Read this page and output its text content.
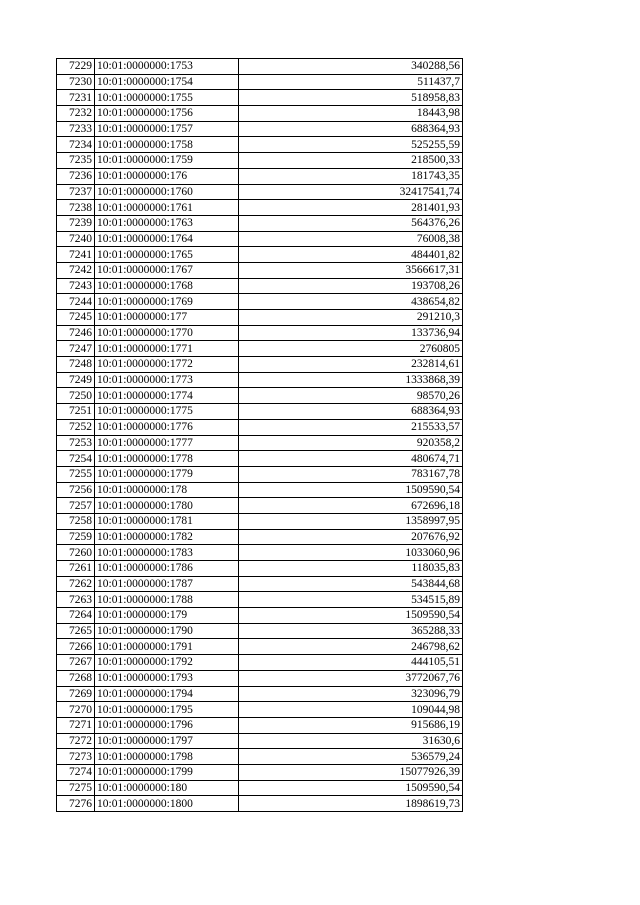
7229	10:01:0000000:1753	340288,56
7230	10:01:0000000:1754	511437,7
7231	10:01:0000000:1755	518958,83
7232	10:01:0000000:1756	18443,98
7233	10:01:0000000:1757	688364,93
7234	10:01:0000000:1758	525255,59
7235	10:01:0000000:1759	218500,33
7236	10:01:0000000:176	181743,35
7237	10:01:0000000:1760	32417541,74
7238	10:01:0000000:1761	281401,93
7239	10:01:0000000:1763	564376,26
7240	10:01:0000000:1764	76008,38
7241	10:01:0000000:1765	484401,82
7242	10:01:0000000:1767	3566617,31
7243	10:01:0000000:1768	193708,26
7244	10:01:0000000:1769	438654,82
7245	10:01:0000000:177	291210,3
7246	10:01:0000000:1770	133736,94
7247	10:01:0000000:1771	2760805
7248	10:01:0000000:1772	232814,61
7249	10:01:0000000:1773	1333868,39
7250	10:01:0000000:1774	98570,26
7251	10:01:0000000:1775	688364,93
7252	10:01:0000000:1776	215533,57
7253	10:01:0000000:1777	920358,2
7254	10:01:0000000:1778	480674,71
7255	10:01:0000000:1779	783167,78
7256	10:01:0000000:178	1509590,54
7257	10:01:0000000:1780	672696,18
7258	10:01:0000000:1781	1358997,95
7259	10:01:0000000:1782	207676,92
7260	10:01:0000000:1783	1033060,96
7261	10:01:0000000:1786	118035,83
7262	10:01:0000000:1787	543844,68
7263	10:01:0000000:1788	534515,89
7264	10:01:0000000:179	1509590,54
7265	10:01:0000000:1790	365288,33
7266	10:01:0000000:1791	246798,62
7267	10:01:0000000:1792	444105,51
7268	10:01:0000000:1793	3772067,76
7269	10:01:0000000:1794	323096,79
7270	10:01:0000000:1795	109044,98
7271	10:01:0000000:1796	915686,19
7272	10:01:0000000:1797	31630,6
7273	10:01:0000000:1798	536579,24
7274	10:01:0000000:1799	15077926,39
7275	10:01:0000000:180	1509590,54
7276	10:01:0000000:1800	1898619,73
